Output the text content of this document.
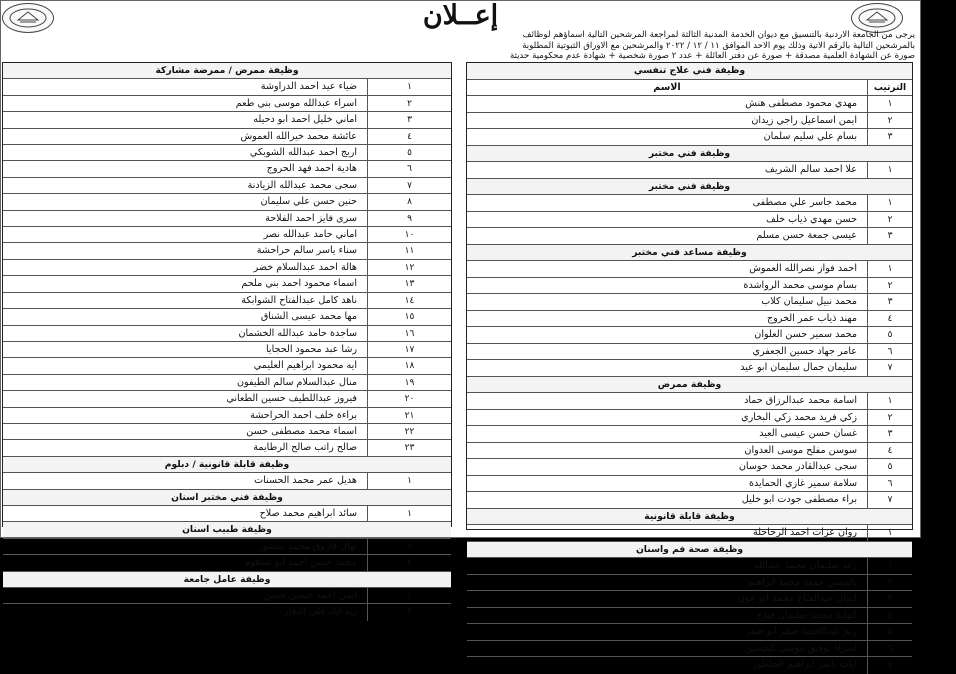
إعــلان
يرجى من الجامعة الاردنية بالتنسيق مع ديوان الخدمة المدنية الثالثة لمراجعة المرشحين التالية اسماؤهم لوظائف
بالمرشحين التالية بالرقم الاتية وذلك يوم الاحد الموافق ١١ / ١٢ / ٢٠٢٢ والمرشحين مع الاوراق الثبوتية المطلوبة
صورة عن الشهادة العلمية مصدقة + صورة عن دفتر العائلة + عدد ٢ صورة شخصية + شهادة عدم محكومية حديثة
وظيفة فني علاج تنفسي
الترتيب
الاسم
١
مهدي محمود مصطفى هنش
٢
ايمن اسماعيل راجي زيدان
٣
بسام علي سليم سلمان
وظيفة فني مختبر
١
علا احمد سالم الشريف
وظيفة فني مختبر
١
محمد جاسر علي مصطفى
٢
حسن مهدي ذياب خلف
٣
عيسى جمعة حسن مسلم
وظيفة مساعد فني مختبر
١
احمد فواز نصرالله العموش
٢
بسام موسى محمد الرواشدة
٣
محمد نبيل سليمان كلاب
٤
مهند ذياب عمر الخروج
٥
محمد سمير حسن العلوان
٦
عامر جهاد حسين الجعفري
٧
سليمان جمال سليمان ابو عيد
وظيفة ممرض
١
اسامة محمد عبدالرزاق حماد
٢
زكي فريد محمد زكي البخاري
٣
غسان حسن عيسى العيد
٤
سوسن مفلح موسى العدوان
٥
سجى عبدالقادر محمد حوسان
٦
سلامة سمير غازي الحمايدة
٧
براء مصطفى جودت ابو خليل
وظيفة قابلة قانونية
١
روان عزات احمد الرحاحلة
وظيفة صحة فم واسنان
١
رغد سليمان محمد عبدالله
٢
ياسمين جمعة محمد ابراهيم
٣
ايمان عبدالفتاح محمد ابو عون
٤
الوليد محمد سليمان قندح
٥
ريم عبدالحميد صقر ابو صقر
٦
اسراء توفيق موسى الحسين
٧
ايات ياسر ابراهيم الحاطور
وظيفة ممرض / ممرضة مشاركة
١
ضياء عيد احمد الدراوشة
٢
اسراء عبدالله موسى بني طعم
٣
اماني خليل احمد ابو دحيله
٤
عائشة محمد خيرالله العموش
٥
اريج احمد عبدالله الشوبكي
٦
هادية احمد فهد الحروج
٧
سجى محمد عبدالله الزيادنة
٨
حنين حسن علي سليمان
٩
سرى فايز احمد الفلاحة
١٠
اماني حامد عبدالله نصر
١١
سناء ياسر سالم حراحشة
١٢
هالة احمد عبدالسلام خضر
١٣
اسماء محمود احمد بني ملحم
١٤
ناهد كامل عبدالفتاح الشوابكة
١٥
مها محمد عيسى الشناق
١٦
ساجدة حامد عبدالله الخشمان
١٧
رشا عبد محمود الحجايا
١٨
ايه محمود ابراهيم العليمي
١٩
منال عبدالسلام سالم الطيفون
٢٠
فيروز عبداللطيف حسين الطعاني
٢١
براءة خلف احمد الحراحشة
٢٢
اسماء محمد مصطفى حسن
٢٣
صالح راتب صالح الرطايمة
وظيفة قابلة قانونية / دبلوم
١
هديل عمر محمد الحسنات
وظيفة فني مختبر اسنان
١
سائد ابراهيم محمد صلاح
وظيفة طبيب اسنان
١
نهال فاروق محمد منصور
٢
محمد حسن احمد ابو شاهوم
وظيفة عامل جامعة
١
ايمن احمد حسين حسن
٢
زيد اياد علي النجار
